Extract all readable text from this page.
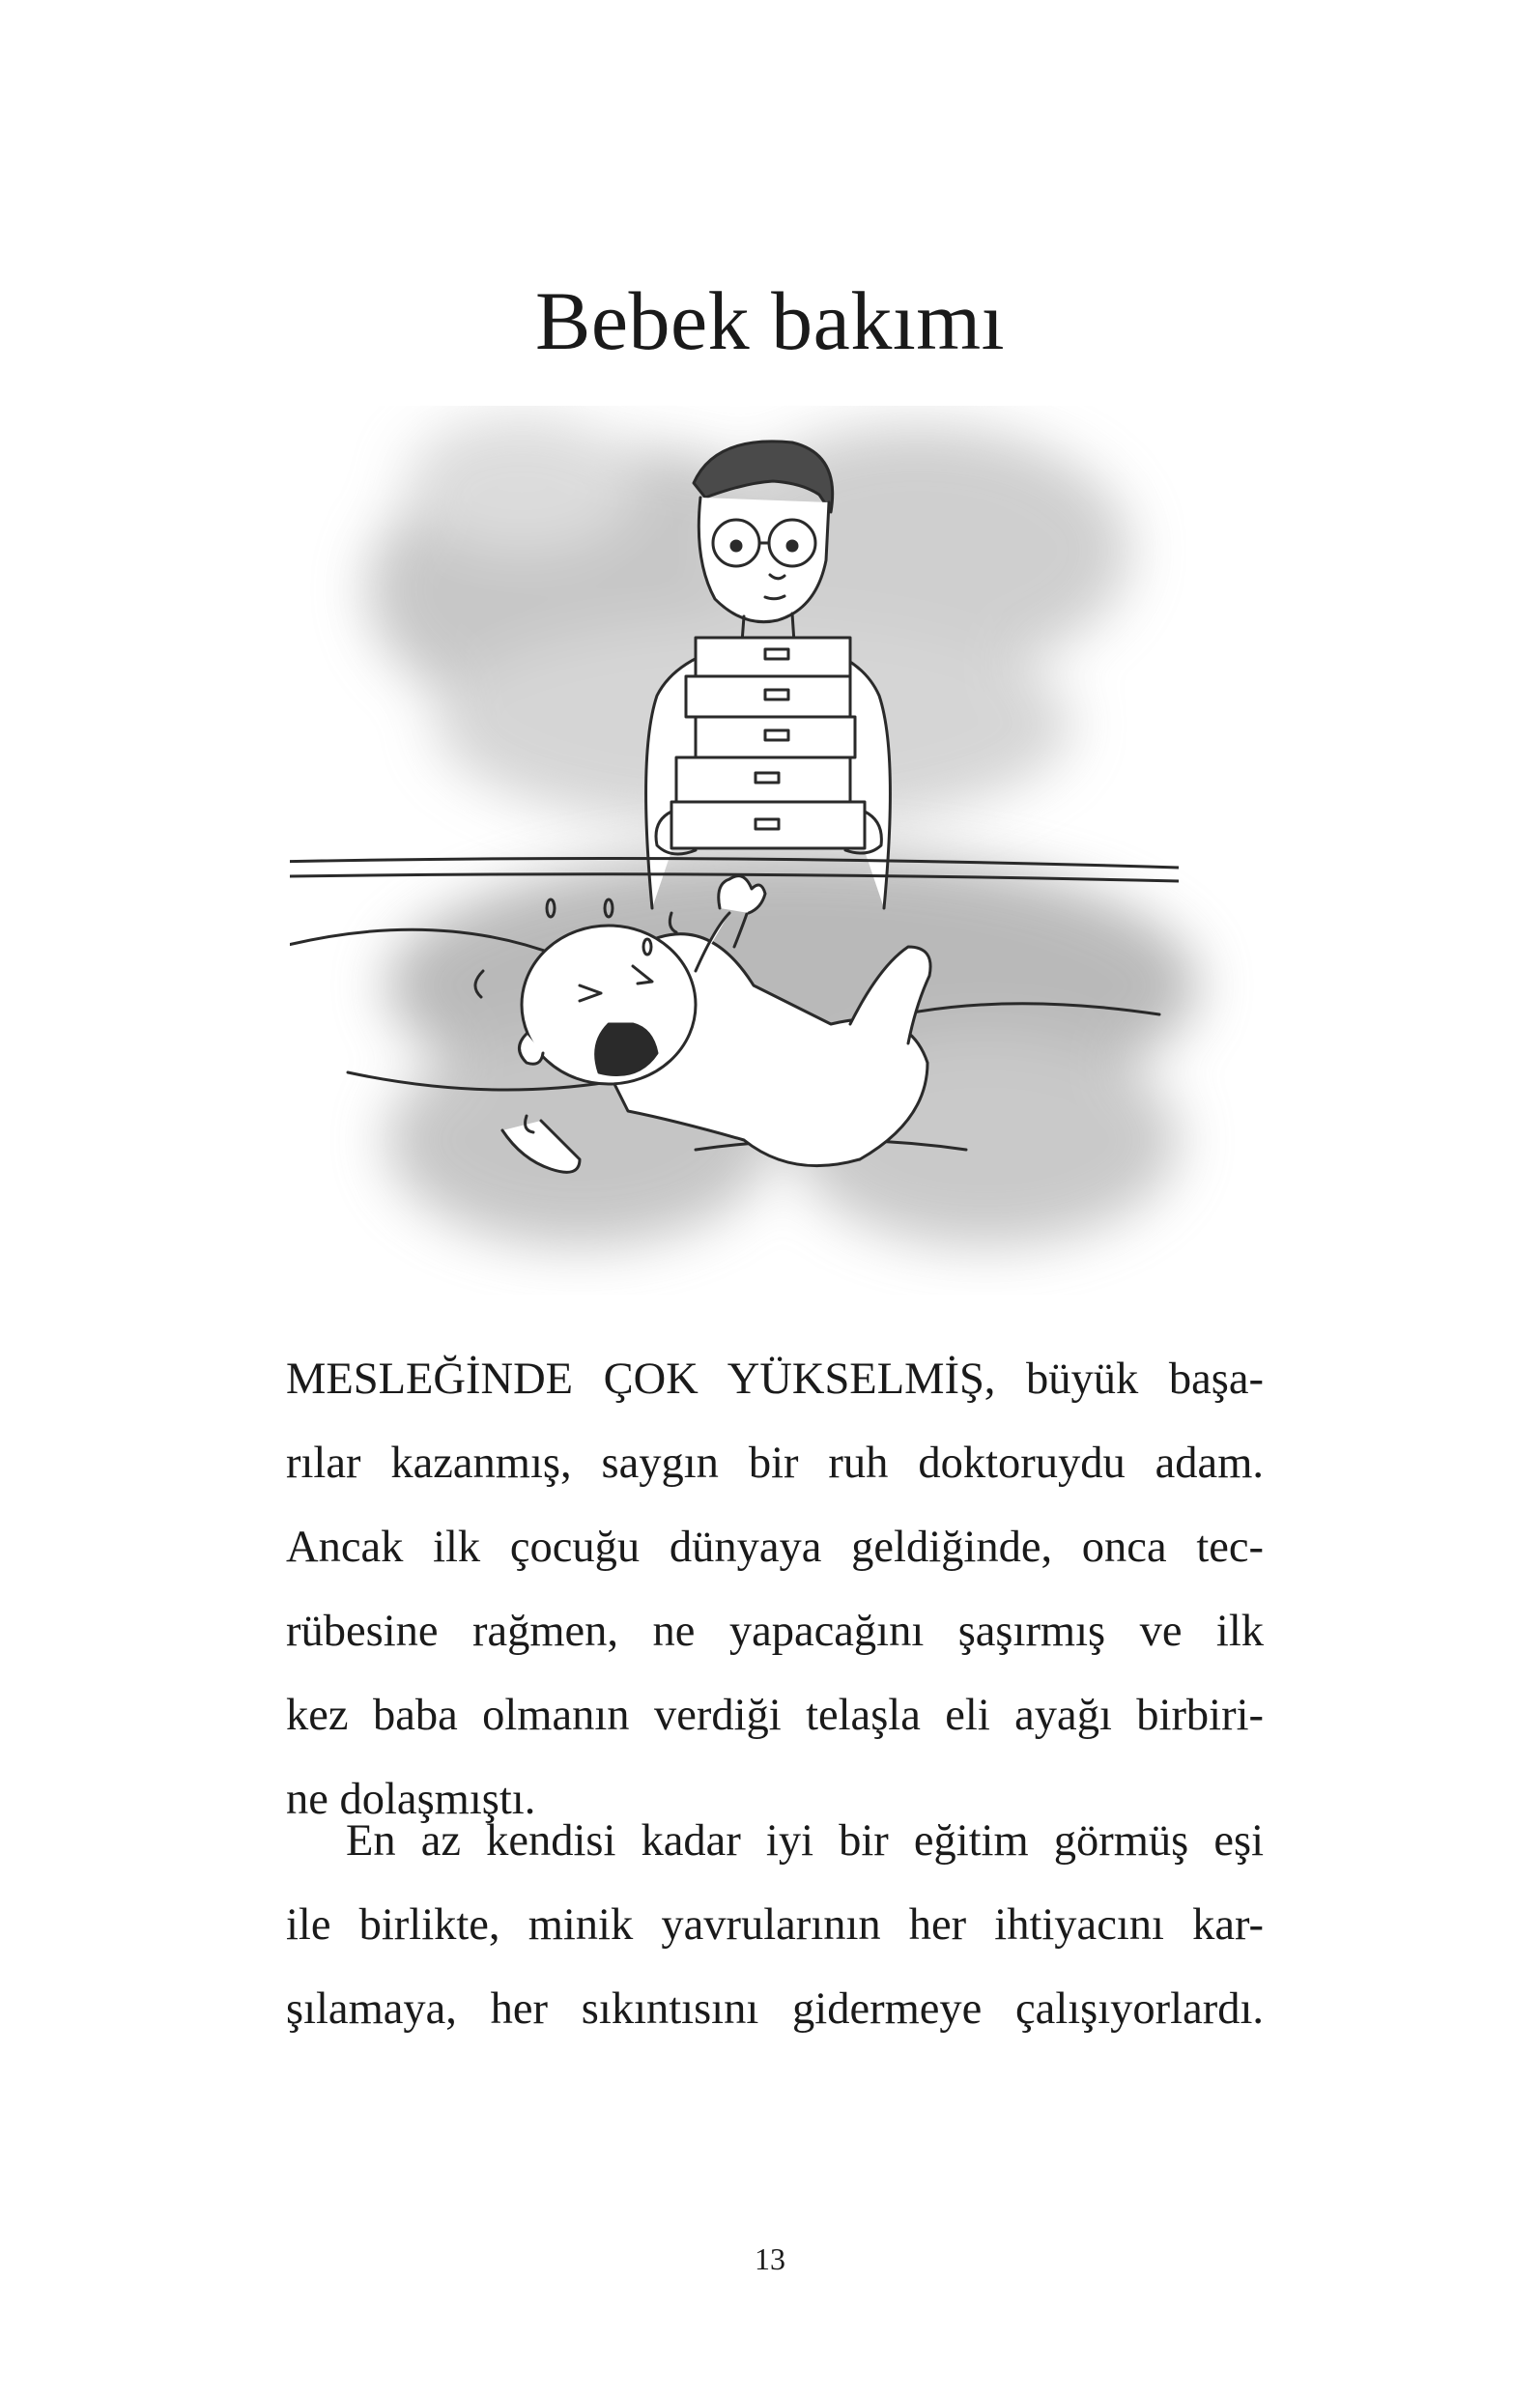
Bebek bakımı
MESLEĞİNDE ÇOK YÜKSELMİŞ, büyük başa-
rılar kazanmış, saygın bir ruh doktoruydu adam.
Ancak ilk çocuğu dünyaya geldiğinde, onca tec-
rübesine rağmen, ne yapacağını şaşırmış ve ilk
kez baba olmanın verdiği telaşla eli ayağı birbiri-
ne dolaşmıştı.
En az kendisi kadar iyi bir eğitim görmüş eşi
ile birlikte, minik yavrularının her ihtiyacını kar-
şılamaya, her sıkıntısını gidermeye çalışıyorlardı.
13
